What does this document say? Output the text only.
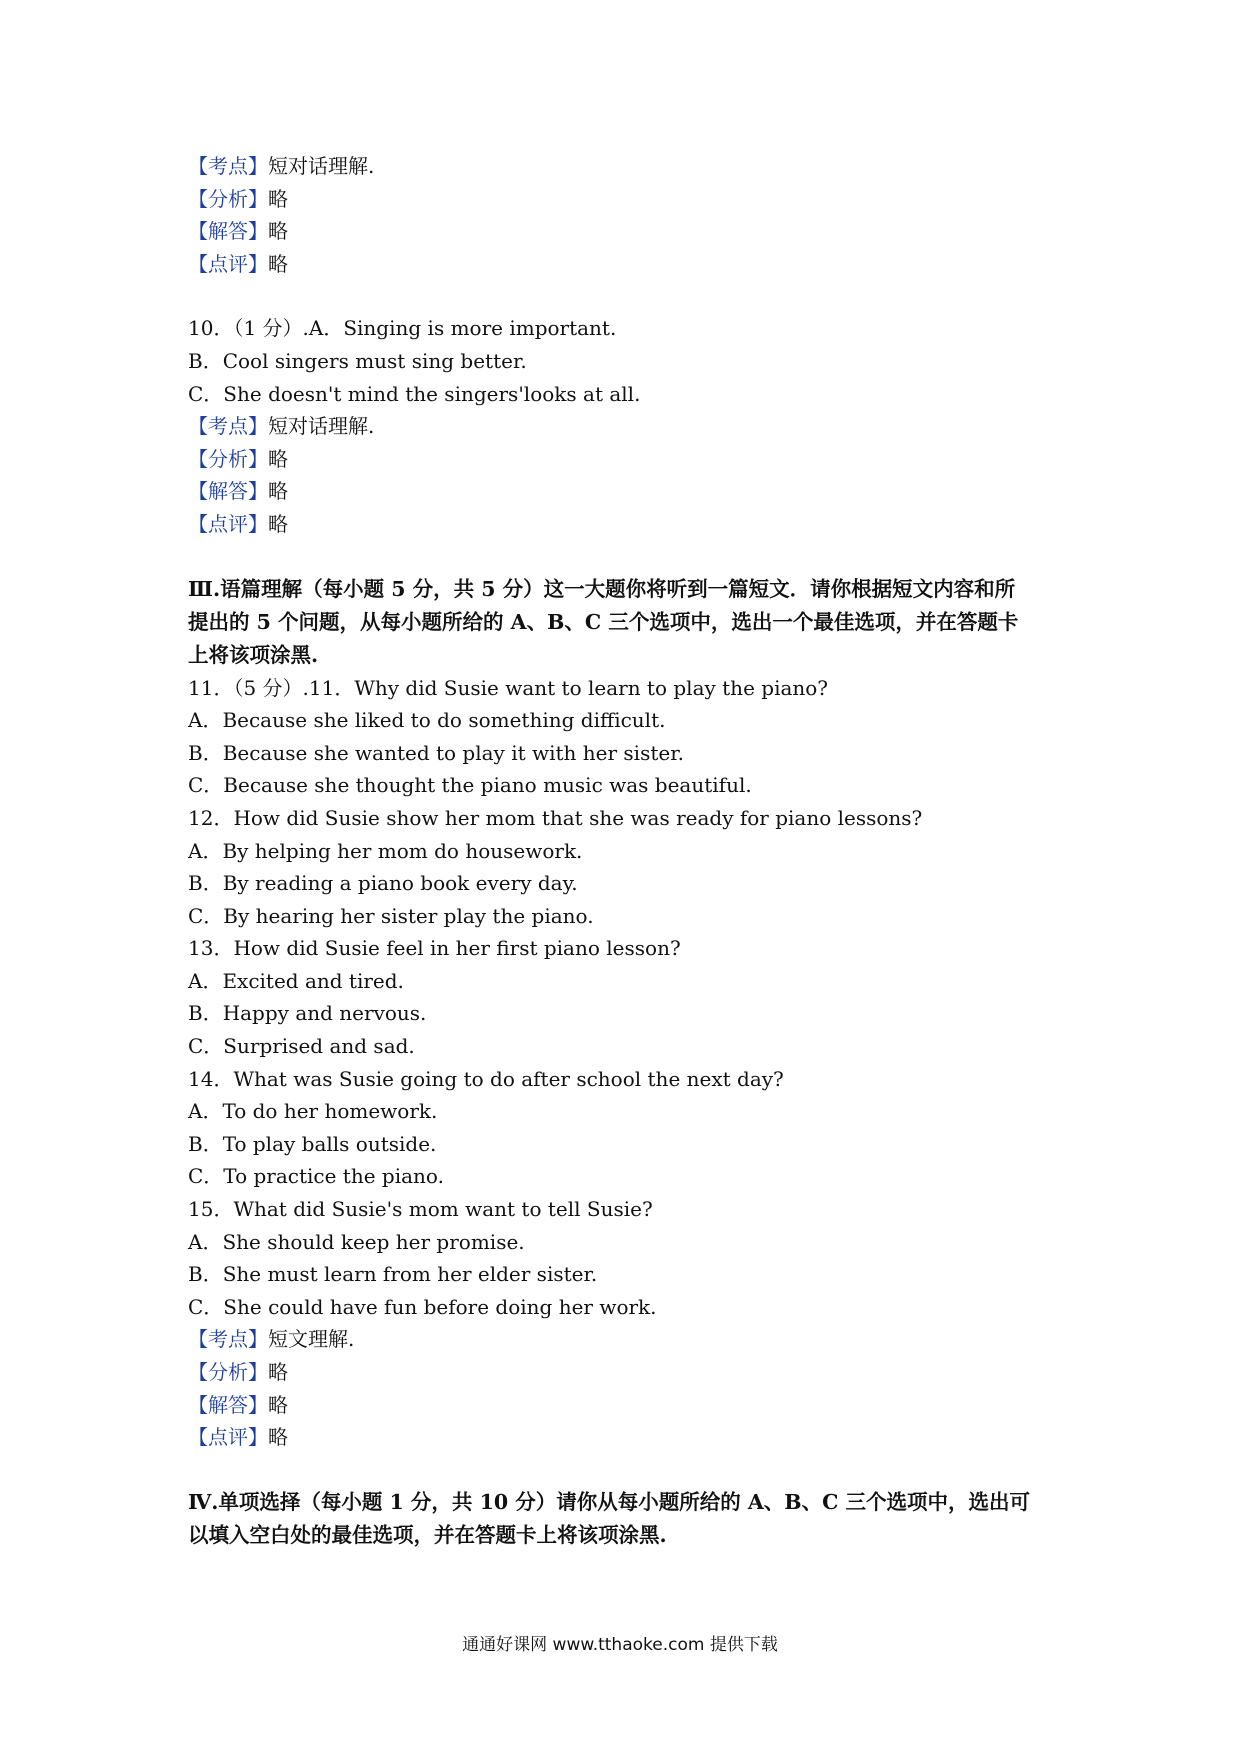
【考点】短对话理解.
【分析】略
【解答】略
【点评】略
10．（1 分）.A．Singing is more important.
B．Cool singers must sing better.
C．She doesn't mind the singers'looks at all.
【考点】短对话理解.
【分析】略
【解答】略
【点评】略
Ⅲ.语篇理解（每小题 5 分，共 5 分）这一大题你将听到一篇短文．请你根据短文内容和所
提出的 5 个问题，从每小题所给的 A、B、C 三个选项中，选出一个最佳选项，并在答题卡
上将该项涂黑.
11．（5 分）.11．Why did Susie want to learn to play the piano?
A．Because she liked to do something difficult.
B．Because she wanted to play it with her sister.
C．Because she thought the piano music was beautiful.
12．How did Susie show her mom that she was ready for piano lessons?
A．By helping her mom do housework.
B．By reading a piano book every day.
C．By hearing her sister play the piano.
13．How did Susie feel in her first piano lesson?
A．Excited and tired.
B．Happy and nervous.
C．Surprised and sad.
14．What was Susie going to do after school the next day?
A．To do her homework.
B．To play balls outside.
C．To practice the piano.
15．What did Susie's mom want to tell Susie?
A．She should keep her promise.
B．She must learn from her elder sister.
C．She could have fun before doing her work.
【考点】短文理解.
【分析】略
【解答】略
【点评】略
Ⅳ.单项选择（每小题 1 分，共 10 分）请你从每小题所给的 A、B、C 三个选项中，选出可
以填入空白处的最佳选项，并在答题卡上将该项涂黑.
通通好课网 www.tthaoke.com 提供下载
